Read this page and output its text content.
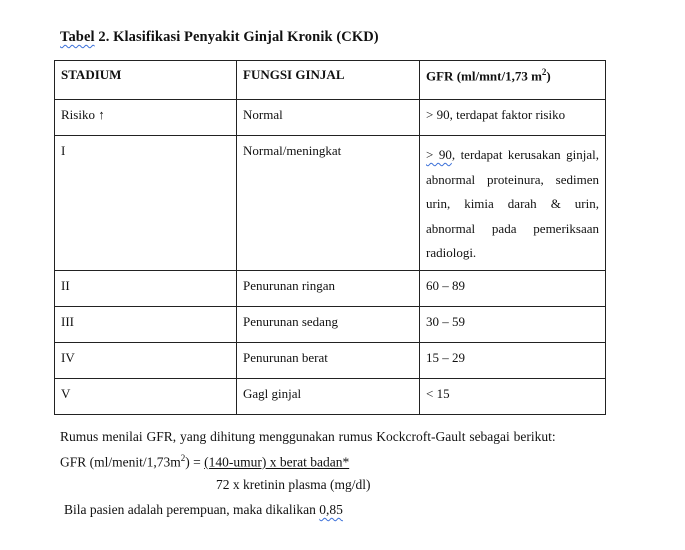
Tabel 2. Klasifikasi Penyakit Ginjal Kronik (CKD)
STADIUM	FUNGSI GINJAL	GFR (ml/mnt/1,73 $m^2$)
Risiko ↑	Normal	> 90, terdapat faktor risiko
I	Normal/meningkat	> 90, terdapat kerusakan ginjal, abnormal proteinura, sedimen urin, kimia darah & urin, abnormal pada pemeriksaan radiologi.

II	Penurunan ringan	60 – 89
III	Penurunan sedang	30 – 59
IV	Penurunan berat	15 – 29
V	Gagl ginjal	< 15
Rumus menilai GFR, yang dihitung menggunakan rumus Kockcroft-Gault sebagai berikut:
GFR $(ml/menit/1,73m^2)$ = (140-umur) x berat badan*
72 x kretinin plasma (mg/dl)
Bila pasien adalah perempuan, maka dikalikan 0,85
